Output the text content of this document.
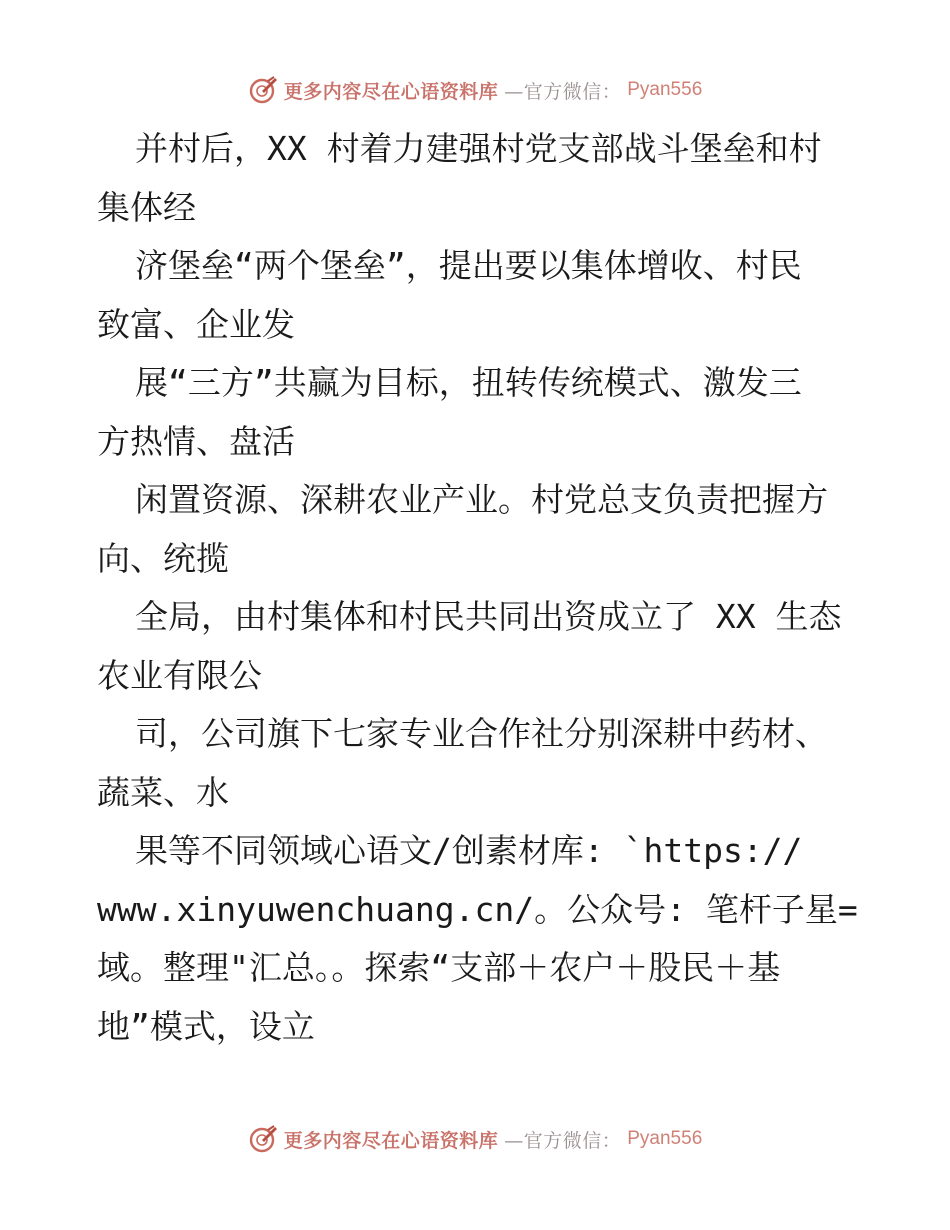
更多内容尽在心语资料库 —官方微信： Pyan556
并村后，XX 村着力建强村党支部战斗堡垒和村
集体经
济堡垒“两个堡垒”，提出要以集体增收、村民
致富、企业发
展“三方”共赢为目标，扭转传统模式、激发三
方热情、盘活
闲置资源、深耕农业产业。村党总支负责把握方
向、统揽
全局，由村集体和村民共同出资成立了 XX 生态
农业有限公
司，公司旗下七家专业合作社分别深耕中药材、
蔬菜、水
果等不同领域心语文/创素材库: `https://
www.xinyuwenchuang.cn/。公众号: 笔杆子星=
域。整理"汇总。。探索“支部＋农户＋股民＋基
地”模式，设立
更多内容尽在心语资料库 —官方微信： Pyan556
